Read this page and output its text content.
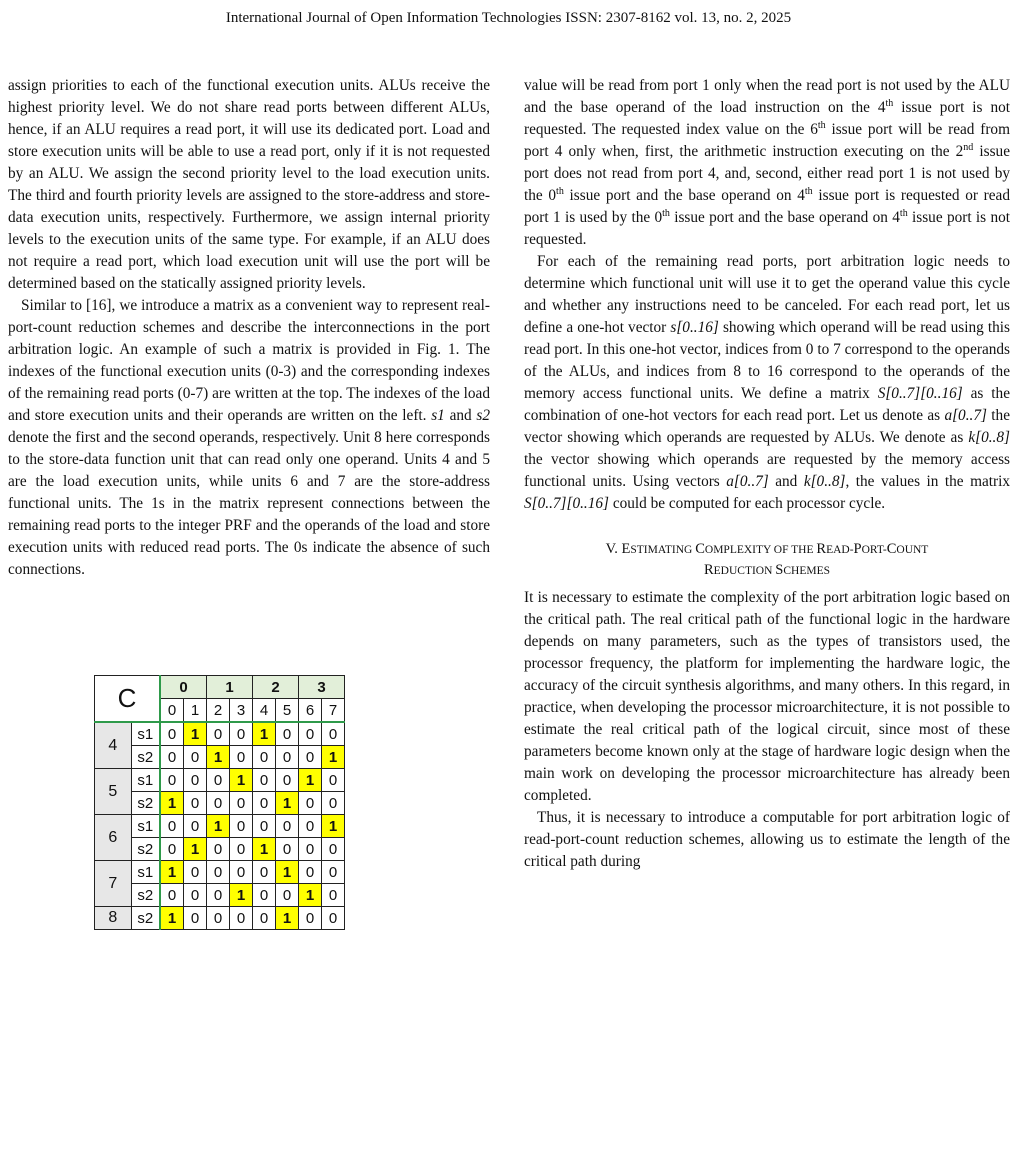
International Journal of Open Information Technologies ISSN: 2307-8162 vol. 13, no. 2, 2025

assign priorities to each of the functional execution units. ALUs receive the highest priority level. We do not share read ports between different ALUs, hence, if an ALU requires a read port, it will use its dedicated port. Load and store execution units will be able to use a read port, only if it is not requested by an ALU. We assign the second priority level to the load execution units. The third and fourth priority levels are assigned to the store-address and store-data execution units, respectively. Furthermore, we assign internal priority levels to the execution units of the same type. For example, if an ALU does not require a read port, which load execution unit will use the port will be determined based on the statically assigned priority levels.

Similar to [16], we introduce a matrix as a convenient way to represent real-port-count reduction schemes and describe the interconnections in the port arbitration logic. An example of such a matrix is provided in Fig. 1. The indexes of the functional execution units (0-3) and the corresponding indexes of the remaining read ports (0-7) are written at the top. The indexes of the load and store execution units and their operands are written on the left. s1 and s2 denote the first and the second operands, respectively. Unit 8 here corresponds to the store-data function unit that can read only one operand. Units 4 and 5 are the load execution units, while units 6 and 7 are the store-address functional units. The 1s in the matrix represent connections between the remaining read ports to the integer PRF and the operands of the load and store execution units with reduced read ports. The 0s indicate the absence of such connections.

C		0		1		2		3	
		0	1	2	3	4	5	6	7
4	s1	0	1	0	0	1	0	0	0
	s2	0	0	1	0	0	0	0	1
5	s1	0	0	0	1	0	0	1	0
	s2	1	0	0	0	0	1	0	0
6	s1	0	0	1	0	0	0	0	1
	s2	0	1	0	0	1	0	0	0
7	s1	1	0	0	0	0	1	0	0
	s2	0	0	0	1	0	0	1	0
8	s2	1	0	0	0	0	1	0	0

value will be read from port 1 only when the read port is not used by the ALU and the base operand of the load instruction on the 4th issue port is not requested. The requested index value on the 6th issue port will be read from port 4 only when, first, the arithmetic instruction executing on the 2nd issue port does not read from port 4, and, second, either read port 1 is not used by the 0th issue port and the base operand on 4th issue port is requested or read port 1 is used by the 0th issue port and the base operand on 4th issue port is not requested.

For each of the remaining read ports, port arbitration logic needs to determine which functional unit will use it to get the operand value this cycle and whether any instructions need to be canceled. For each read port, let us define a one-hot vector s[0..16] showing which operand will be read using this read port. In this one-hot vector, indices from 0 to 7 correspond to the operands of the ALUs, and indices from 8 to 16 correspond to the operands of the memory access functional units. We define a matrix S[0..7][0..16] as the combination of one-hot vectors for each read port. Let us denote as a[0..7] the vector showing which operands are requested by ALUs. We denote as k[0..8] the vector showing which operands are requested by the memory access functional units. Using vectors a[0..7] and k[0..8], the values in the matrix S[0..7][0..16] could be computed for each processor cycle.

V. ESTIMATING COMPLEXITY OF THE READ-PORT-COUNT
REDUCTION SCHEMES

It is necessary to estimate the complexity of the port arbitration logic based on the critical path. The real critical path of the functional logic in the hardware depends on many parameters, such as the types of transistors used, the processor frequency, the platform for implementing the hardware logic, the accuracy of the circuit synthesis algorithms, and many others. In this regard, in practice, when developing the processor microarchitecture, it is not possible to estimate the real critical path of the logical circuit, since most of these parameters become known only at the stage of hardware logic design when the main work on developing the processor microarchitecture has already been completed.

Thus, it is necessary to introduce a computable for port arbitration logic of read-port-count reduction schemes, allowing us to estimate the length of the critical path during
